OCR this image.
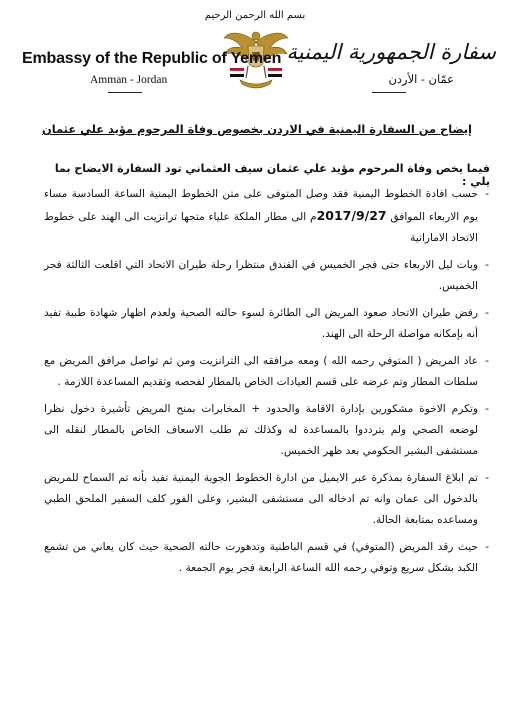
بسم الله الرحمن الرحيم
Embassy of the Republic of Yemen
Amman - Jordan
سفارة الجمهورية اليمنية
عمّان - الأردن
إيضاح من السفارة اليمنية في الاردن بخصوص وفاة المرحوم مؤيد علي عثمان
فيما يخص وفاة المرحوم مؤيد علي عثمان سيف العثماني تود السفارة الايضاح بما يلي :
-
حسب افادة الخطوط اليمنية فقد وصل المتوفى على متن الخطوط اليمنية الساعة السادسة مساء يوم الاربعاء الموافق 2017/9/27م الى مطار الملكة علياء متجها ترانزيت الى الهند على خطوط الاتحاد الاماراتية
-
وبات ليل الاربعاء حتى فجر الخميس في الفندق منتظرا رحلة طيران الاتحاد التي اقلعت الثالثة فجر الخميس.
-
رفض طيران الاتحاد صعود المريض الى الطائرة لسوء حالته الصحية ولعدم اظهار شهادة طبية تفيد أنه بإمكانه مواصلة الرحلة الى الهند.
-
عاد المريض ( المتوفي رحمه الله ) ومعه مرافقه الى الترانزيت ومن ثم تواصل مرافق المريض مع سلطات المطار وتم عرضه على قسم العيادات الخاص بالمطار لفحصه وتقديم المساعدة اللازمة .
-
وتكرم الاخوة مشكورين بإدارة الاقامة والحدود + المخابرات بمنح المريض تأشيرة دخول نظرا لوضعه الصحي ولم يترددوا بالمساعدة له وكذلك تم طلب الاسعاف الخاص بالمطار لنقله الى مستشفى البشير الحكومي بعد ظهر الخميس.
-
تم ابلاغ السفارة بمذكرة عبر الايميل من ادارة الخطوط الجوية اليمنية تفيد بأنه تم السماح للمريض بالدخول الى عمان وانه تم ادخاله الى مستشفى البشير، وعلى الفور كلف السفير الملحق الطبي ومساعده بمتابعة الحالة.
-
حيث رقد المريض (المتوفي) في قسم الباطنية وتدهورت حالته الصحية حيث كان يعاني من تشمع الكبد بشكل سريع وتوفي رحمه الله الساعة الرابعة فجر يوم الجمعة .
